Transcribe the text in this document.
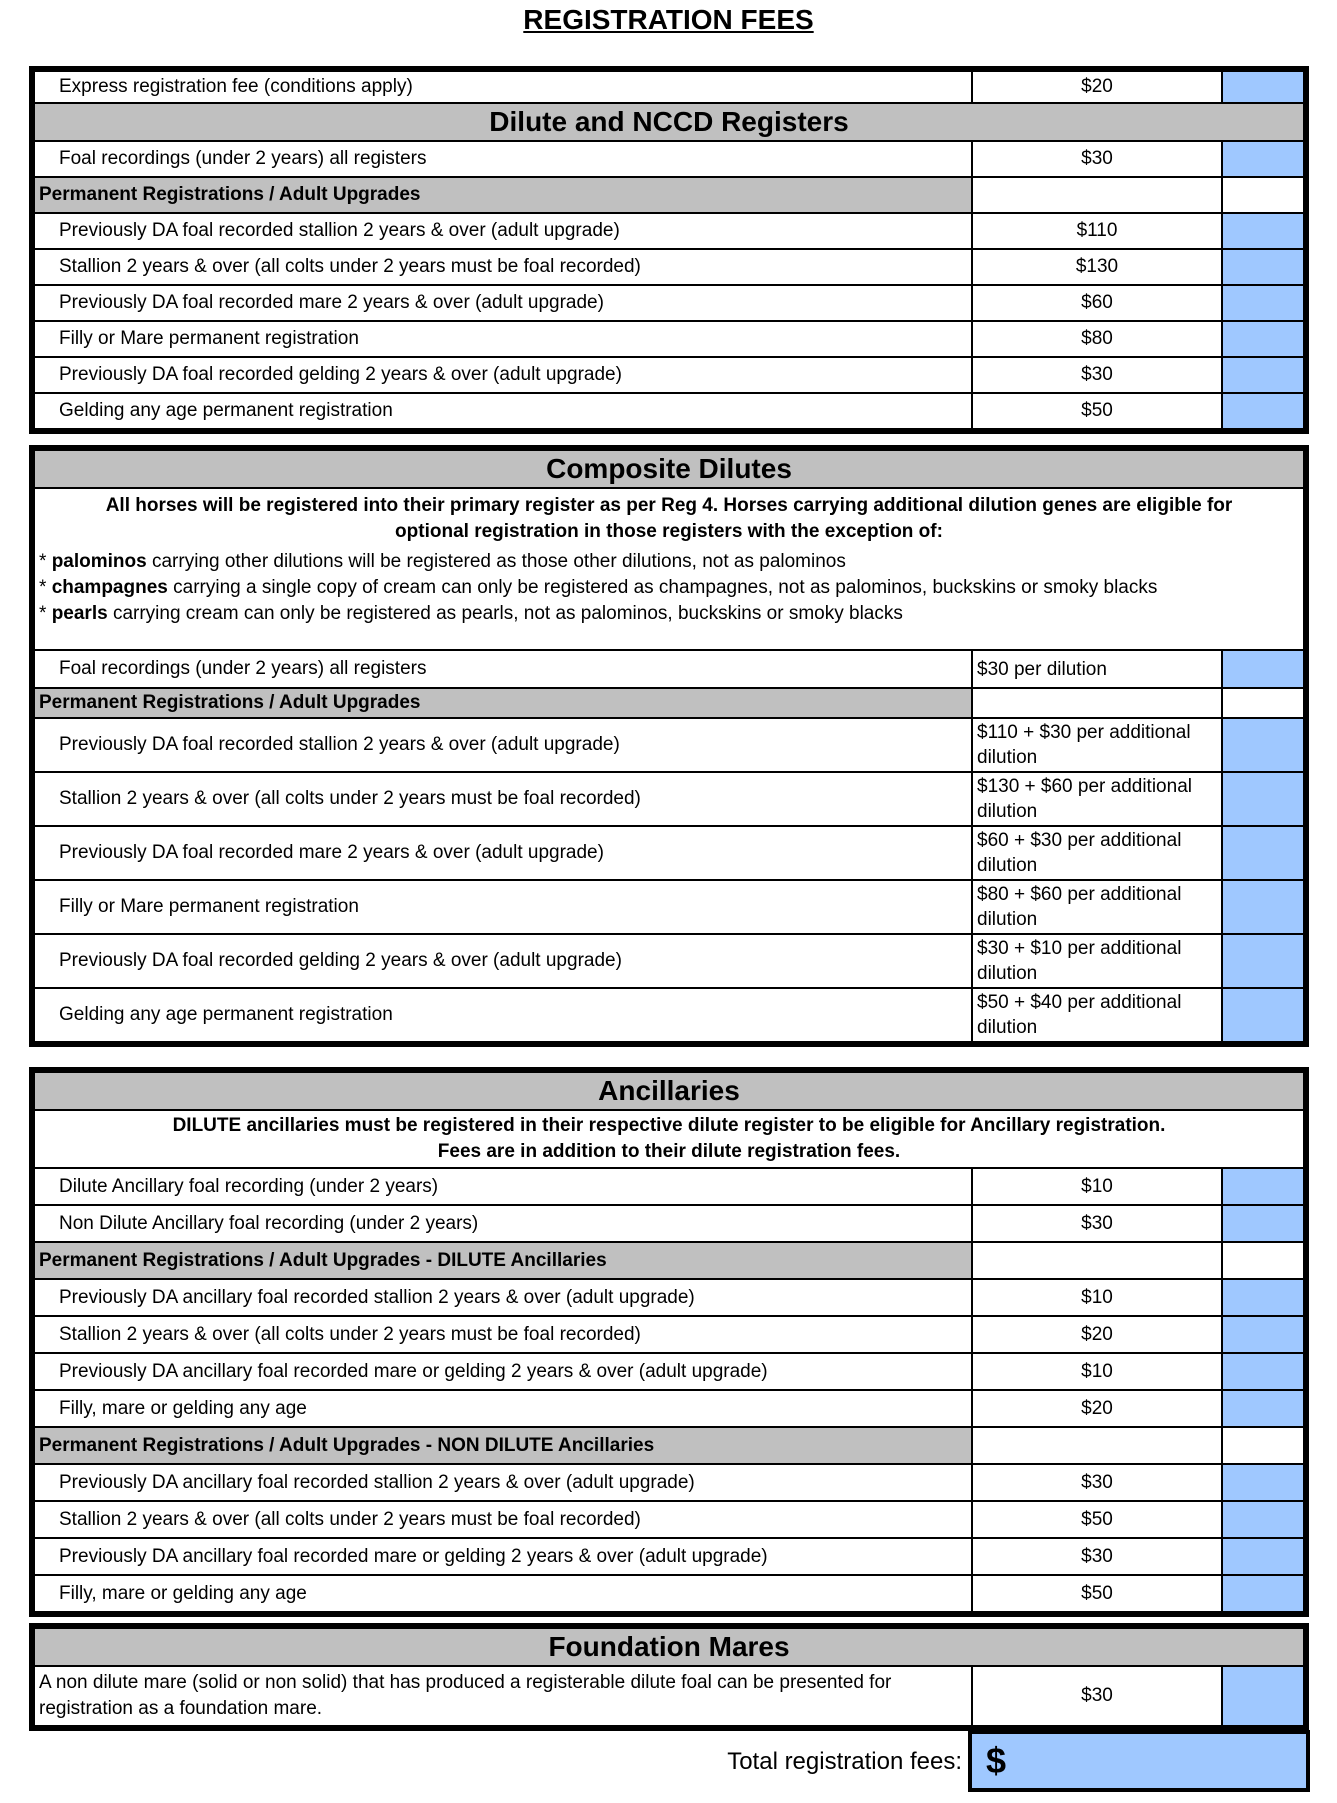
REGISTRATION FEES
Express registration fee (conditions apply)	$20	
Dilute and NCCD Registers		
Foal recordings (under 2 years) all registers	$30	
Permanent Registrations / Adult Upgrades		
Previously DA foal recorded stallion 2 years & over (adult upgrade)	$110	
Stallion 2 years & over (all colts under 2 years must be foal recorded)	$130	
Previously DA foal recorded mare 2 years & over (adult upgrade)	$60	
Filly or Mare permanent registration	$80	
Previously DA foal recorded gelding 2 years & over (adult upgrade)	$30	
Gelding any age permanent registration	$50	
Composite Dilutes		

All horses will be registered into their primary register as per Reg 4. Horses carrying additional dilution genes are eligible for optional registration in those registers with the exception of:		

* palominos carrying other dilutions will be registered as those other dilutions, not as palominos
* champagnes carrying a single copy of cream can only be registered as champagnes, not as palominos, buckskins or smoky blacks
* pearls carrying cream can only be registered as pearls, not as palominos, buckskins or smoky blacks		

Foal recordings (under 2 years) all registers	$30 per dilution	
Permanent Registrations / Adult Upgrades		
Previously DA foal recorded stallion 2 years & over (adult upgrade)	$110 + $30 per additional dilution	
Stallion 2 years & over (all colts under 2 years must be foal recorded)	$130 + $60 per additional dilution	
Previously DA foal recorded mare 2 years & over (adult upgrade)	$60 + $30 per additional dilution	
Filly or Mare permanent registration	$80 + $60 per additional dilution	
Previously DA foal recorded gelding 2 years & over (adult upgrade)	$30 + $10 per additional dilution	
Gelding any age permanent registration	$50 + $40 per additional dilution	
Ancillaries		

DILUTE ancillaries must be registered in their respective dilute register to be eligible for Ancillary registration.
Fees are in addition to their dilute registration fees.		

Dilute Ancillary foal recording (under 2 years)	$10	
Non Dilute Ancillary foal recording (under 2 years)	$30	
Permanent Registrations / Adult Upgrades - DILUTE Ancillaries		
Previously DA ancillary foal recorded stallion 2 years & over (adult upgrade)	$10	
Stallion 2 years & over (all colts under 2 years must be foal recorded)	$20	
Previously DA ancillary foal recorded mare or gelding 2 years & over (adult upgrade)	$10	
Filly, mare or gelding any age	$20	
Permanent Registrations / Adult Upgrades - NON DILUTE Ancillaries		
Previously DA ancillary foal recorded stallion 2 years & over (adult upgrade)	$30	
Stallion 2 years & over (all colts under 2 years must be foal recorded)	$50	
Previously DA ancillary foal recorded mare or gelding 2 years & over (adult upgrade)	$30	
Filly, mare or gelding any age	$50	
Foundation Mares
A non dilute mare (solid or non solid) that has produced a registerable dilute foal can be presented for registration as a foundation mare.	$30	
Total registration fees: $
